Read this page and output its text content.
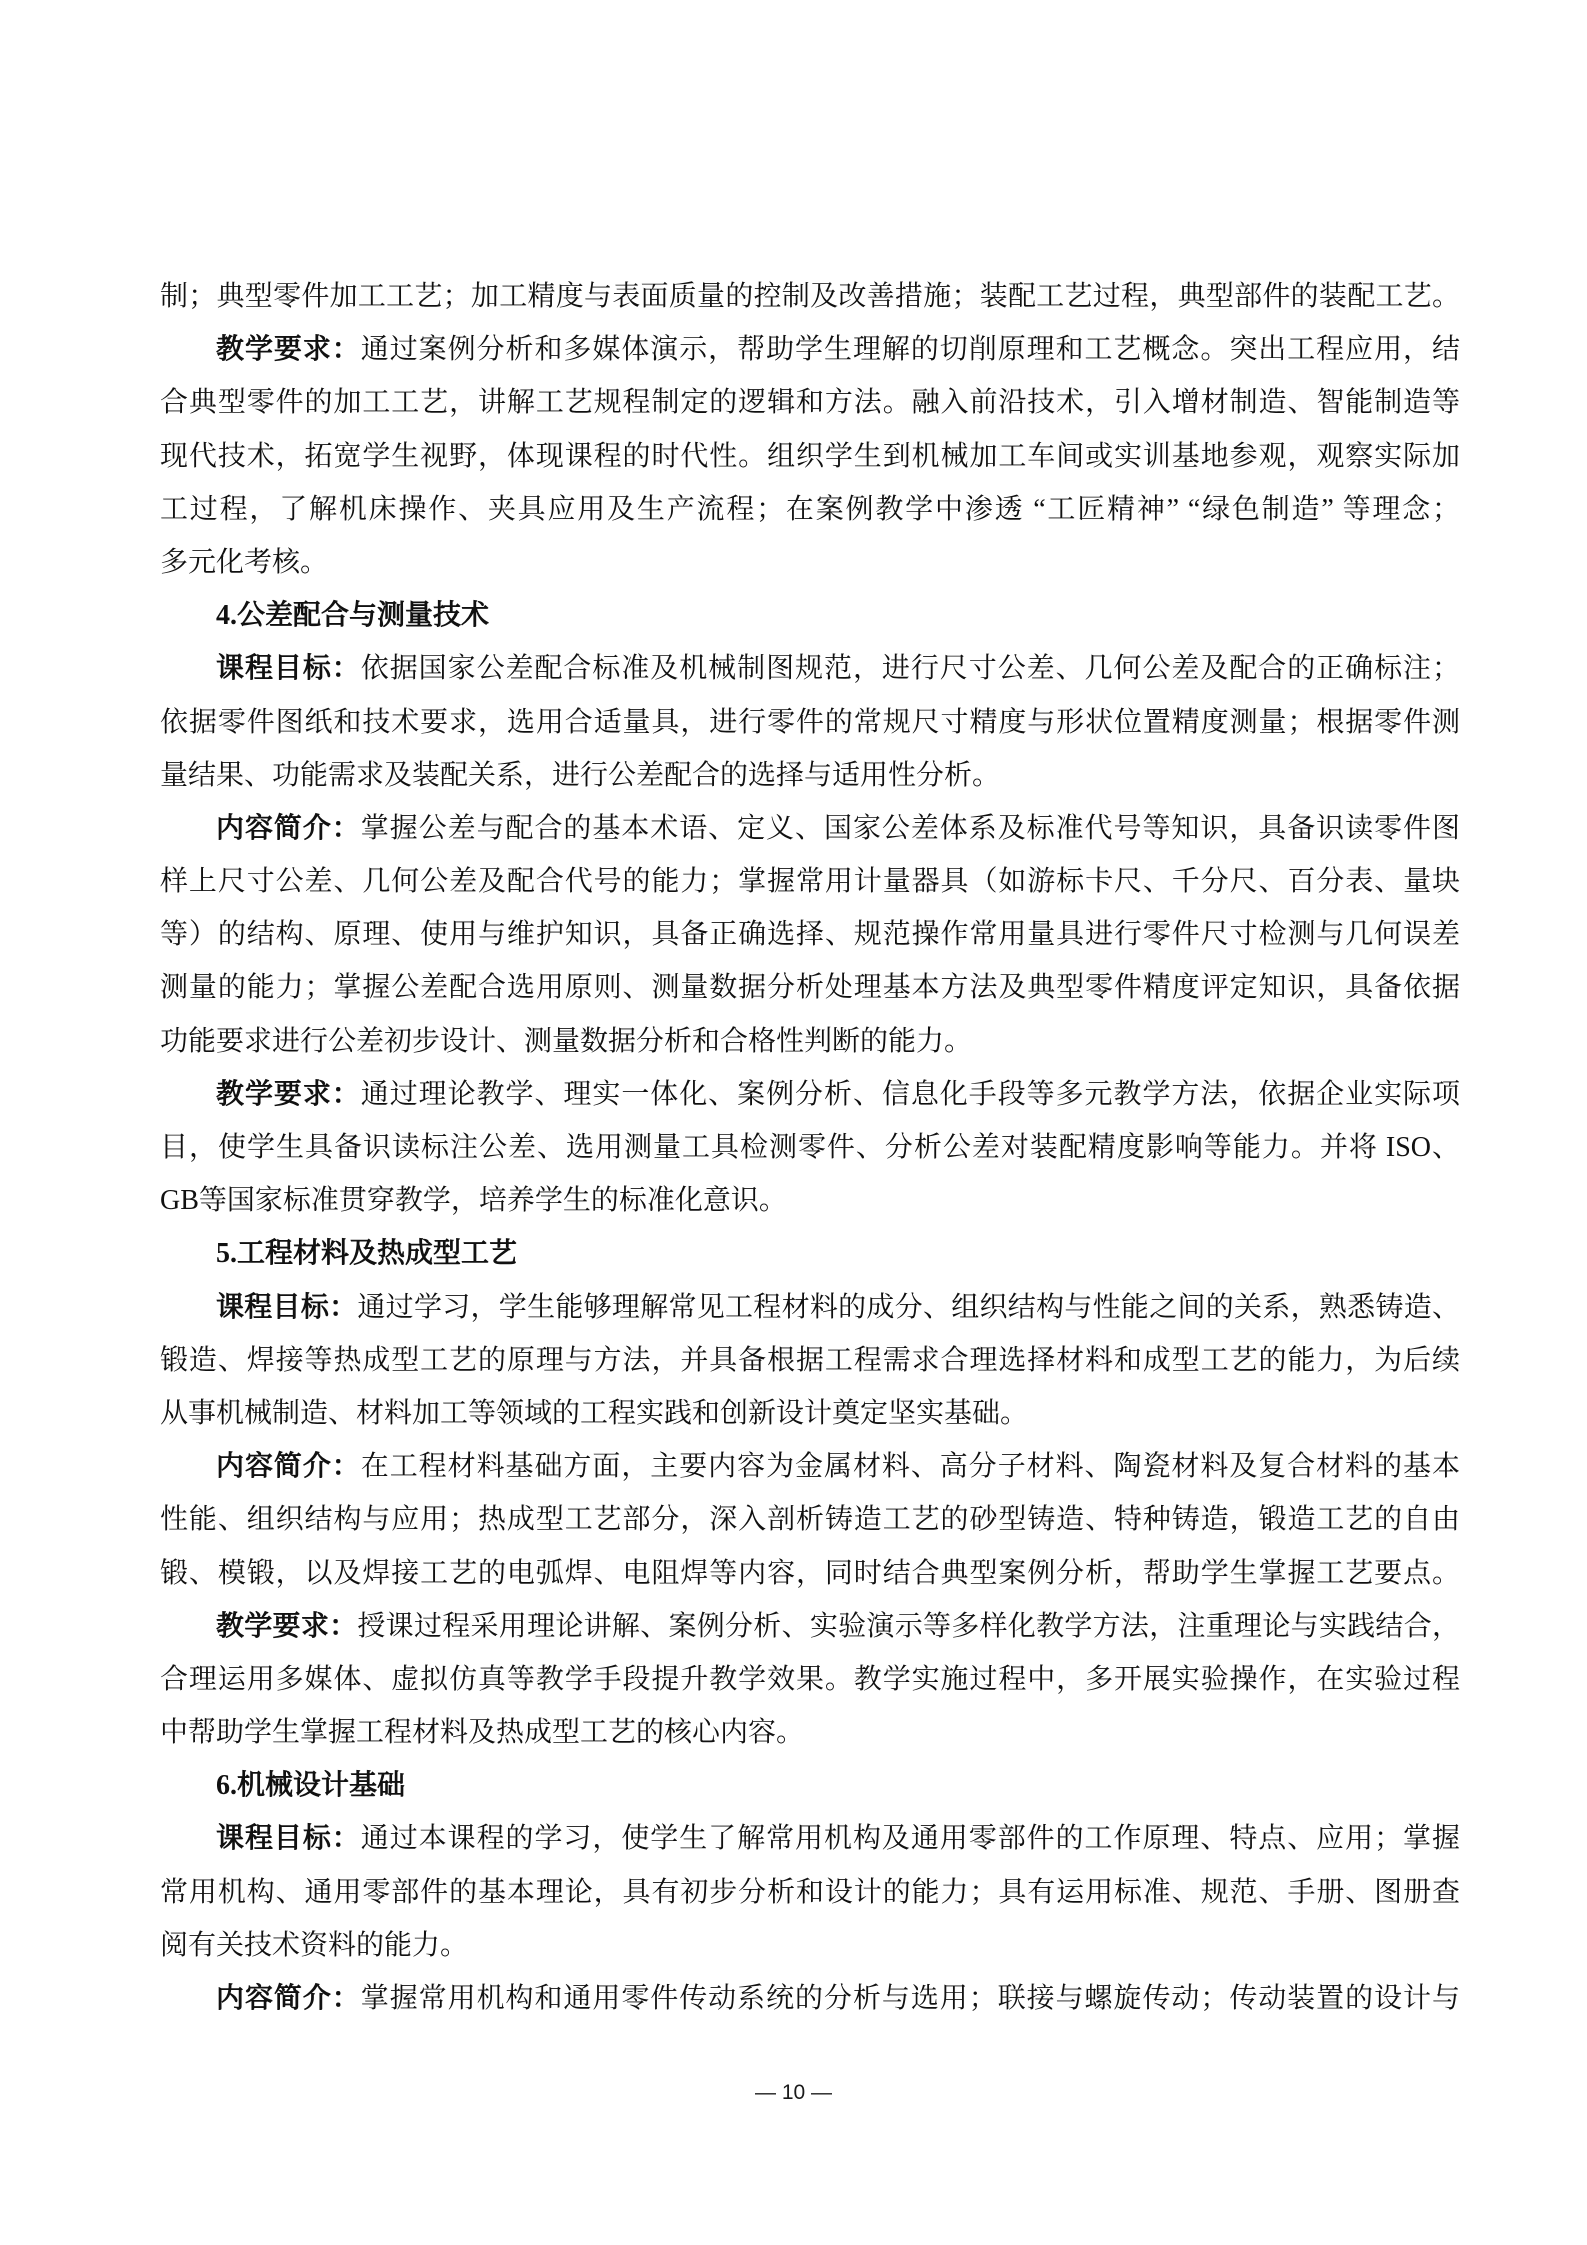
制；典型零件加工工艺；加工精度与表面质量的控制及改善措施；装配工艺过程，典型部件的装配工艺。
教学要求：通过案例分析和多媒体演示，帮助学生理解的切削原理和工艺概念。突出工程应用，结
合典型零件的加工工艺，讲解工艺规程制定的逻辑和方法。融入前沿技术，引入增材制造、智能制造等
现代技术，拓宽学生视野，体现课程的时代性。组织学生到机械加工车间或实训基地参观，观察实际加
工过程，了解机床操作、夹具应用及生产流程；在案例教学中渗透 “工匠精神” “绿色制造” 等理念；
多元化考核。
4.公差配合与测量技术
课程目标：依据国家公差配合标准及机械制图规范，进行尺寸公差、几何公差及配合的正确标注；
依据零件图纸和技术要求，选用合适量具，进行零件的常规尺寸精度与形状位置精度测量；根据零件测
量结果、功能需求及装配关系，进行公差配合的选择与适用性分析。
内容简介：掌握公差与配合的基本术语、定义、国家公差体系及标准代号等知识，具备识读零件图
样上尺寸公差、几何公差及配合代号的能力；掌握常用计量器具（如游标卡尺、千分尺、百分表、量块
等）的结构、原理、使用与维护知识，具备正确选择、规范操作常用量具进行零件尺寸检测与几何误差
测量的能力；掌握公差配合选用原则、测量数据分析处理基本方法及典型零件精度评定知识，具备依据
功能要求进行公差初步设计、测量数据分析和合格性判断的能力。
教学要求：通过理论教学、理实一体化、案例分析、信息化手段等多元教学方法，依据企业实际项
目，使学生具备识读标注公差、选用测量工具检测零件、分析公差对装配精度影响等能力。并将 ISO、
GB等国家标准贯穿教学，培养学生的标准化意识。
5.工程材料及热成型工艺
课程目标：通过学习，学生能够理解常见工程材料的成分、组织结构与性能之间的关系，熟悉铸造、
锻造、焊接等热成型工艺的原理与方法，并具备根据工程需求合理选择材料和成型工艺的能力，为后续
从事机械制造、材料加工等领域的工程实践和创新设计奠定坚实基础。
内容简介：在工程材料基础方面，主要内容为金属材料、高分子材料、陶瓷材料及复合材料的基本
性能、组织结构与应用；热成型工艺部分，深入剖析铸造工艺的砂型铸造、特种铸造，锻造工艺的自由
锻、模锻，以及焊接工艺的电弧焊、电阻焊等内容，同时结合典型案例分析，帮助学生掌握工艺要点。
教学要求：授课过程采用理论讲解、案例分析、实验演示等多样化教学方法，注重理论与实践结合，
合理运用多媒体、虚拟仿真等教学手段提升教学效果。教学实施过程中，多开展实验操作，在实验过程
中帮助学生掌握工程材料及热成型工艺的核心内容。
6.机械设计基础
课程目标：通过本课程的学习，使学生了解常用机构及通用零部件的工作原理、特点、应用；掌握
常用机构、通用零部件的基本理论，具有初步分析和设计的能力；具有运用标准、规范、手册、图册查
阅有关技术资料的能力。
内容简介：掌握常用机构和通用零件传动系统的分析与选用；联接与螺旋传动；传动装置的设计与
— 10 —
